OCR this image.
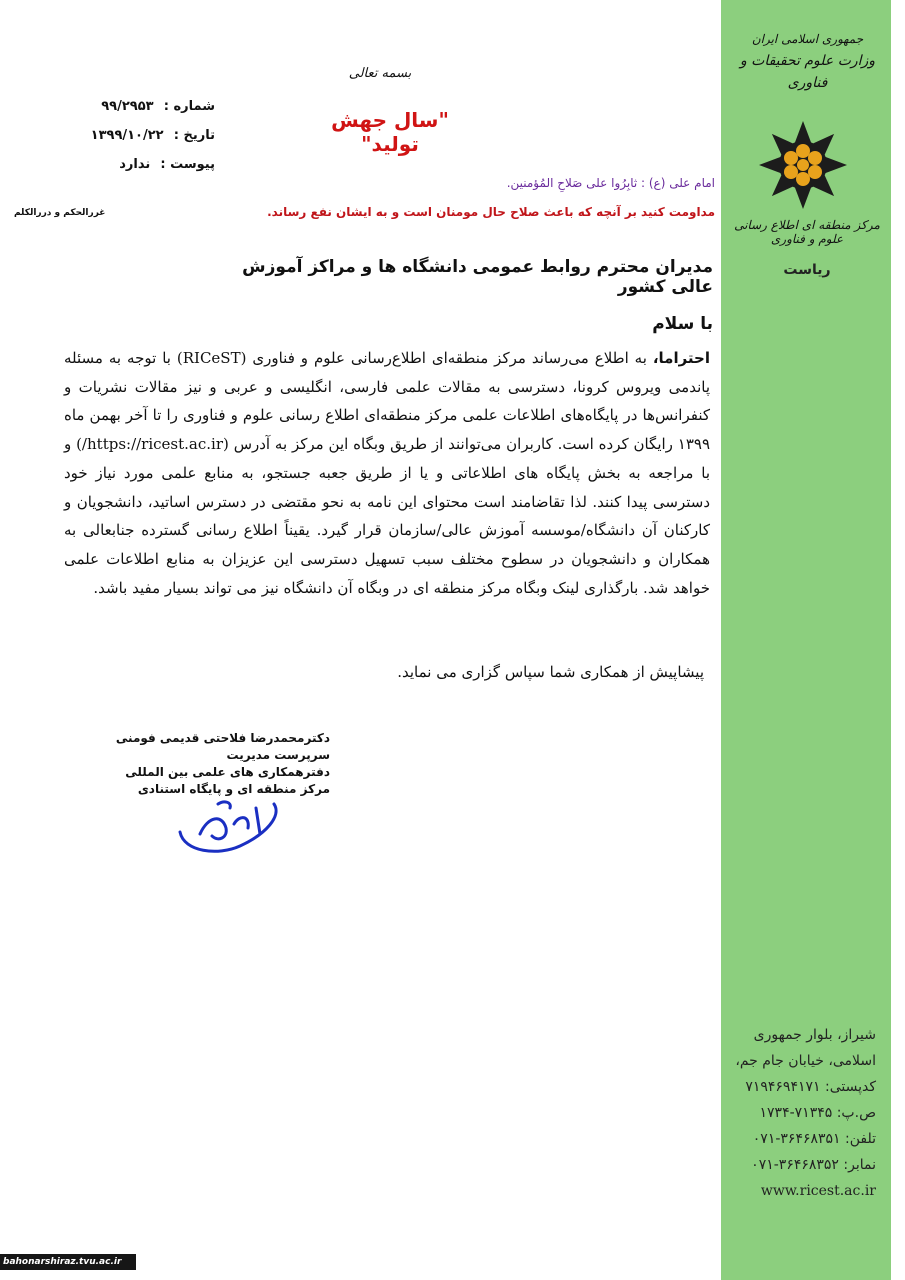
جمهوری اسلامی ایران
وزارت علوم تحقیقات و فناوری
مرکز منطقه ای اطلاع رسانی علوم و فناوری
ریاست
شیراز، بلوار جمهوری
اسلامی، خیابان جام جم،
کدپستی: ۷۱۹۴۶۹۴۱۷۱
ص.پ: ۷۱۳۴۵-۱۷۳۴
تلفن: ۳۶۴۶۸۳۵۱-۰۷۱
نمابر: ۳۶۴۶۸۳۵۲-۰۷۱
www.ricest.ac.ir
بسمه تعالی
"سال جهش تولید"
شماره : ۹۹/۲۹۵۳
تاریخ : ۱۳۹۹/۱۰/۲۲
پیوست : ندارد
امام علی (ع) : ثابِرُوا علی صَلاحِ المُؤمنین.
مداومت کنید بر آنچه که باعث صلاح حال مومنان است و به ایشان نفع رساند.
غررالحکم و دررالکلم
مدیران محترم روابط عمومی دانشگاه ها و مراکز آموزش عالی کشور
با سلام
احتراما، به اطلاع می‌رساند مرکز منطقه‌ای اطلاع‌رسانی علوم و فناوری (RICeST) با توجه به مسئله پاندمی ویروس کرونا، دسترسی به مقالات علمی فارسی، انگلیسی و عربی و نیز مقالات نشریات و کنفرانس‌ها در پایگاه‌های اطلاعات علمی مرکز منطقه‌ای اطلاع رسانی علوم و فناوری را تا آخر بهمن ماه ۱۳۹۹ رایگان کرده است. کاربران می‌توانند از طریق وبگاه این مرکز به آدرس (https://ricest.ac.ir/) و با مراجعه به بخش پایگاه های اطلاعاتی و یا از طریق جعبه جستجو، به منابع علمی مورد نیاز خود دسترسی پیدا کنند. لذا تقاضامند است محتوای این نامه به نحو مقتضی در دسترس اساتید، دانشجویان و کارکنان آن دانشگاه/موسسه آموزش عالی/سازمان قرار گیرد. یقیناً اطلاع رسانی گسترده جنابعالی به همکاران و دانشجویان در سطوح مختلف سبب تسهیل دسترسی این عزیزان به منابع اطلاعات علمی خواهد شد. بارگذاری لینک وبگاه مرکز منطقه ای در وبگاه آن دانشگاه نیز می تواند بسیار مفید باشد.
پیشاپیش از همکاری شما سپاس گزاری می نماید.
دکترمحمدرضا فلاحتی قدیمی فومنی
سرپرست مدیریت
دفترهمکاری های علمی بین المللی
مرکز منطقه ای و پایگاه استنادی
bahonarshiraz.tvu.ac.ir
